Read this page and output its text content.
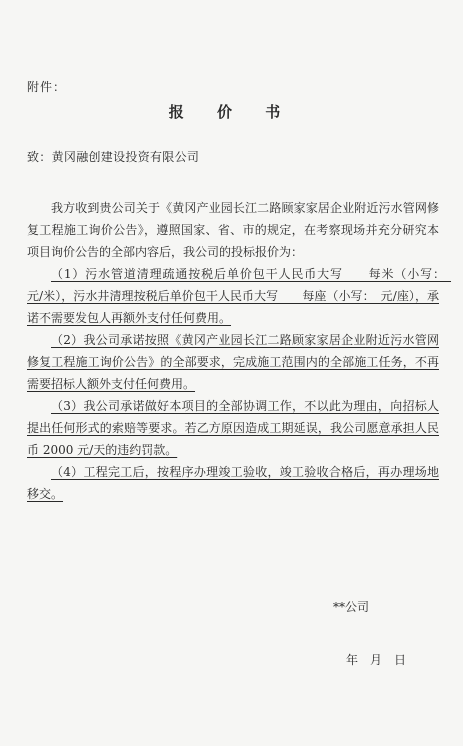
附件：
报 价 书
致：黄冈融创建设投资有限公司

我方收到贵公司关于《黄冈产业园长江二路顾家家居企业附近污水管网修复工程施工询价公告》，遵照国家、省、市的规定，在考察现场并充分研究本项目询价公告的全部内容后，我公司的投标报价为：

（1）污水管道清理疏通按税后单价包干人民币大写　　每米（小写：　元/米），污水井清理按税后单价包干人民币大写　　每座（小写：　元/座），承诺不需要发包人再额外支付任何费用。

（2）我公司承诺按照《黄冈产业园长江二路顾家家居企业附近污水管网修复工程施工询价公告》的全部要求，完成施工范围内的全部施工任务，不再需要招标人额外支付任何费用。

（3）我公司承诺做好本项目的全部协调工作，不以此为理由，向招标人提出任何形式的索赔等要求。若乙方原因造成工期延误，我公司愿意承担人民币 2000 元/天的违约罚款。

（4）工程完工后，按程序办理竣工验收，竣工验收合格后，再办理场地移交。

**公司
年　月　日
